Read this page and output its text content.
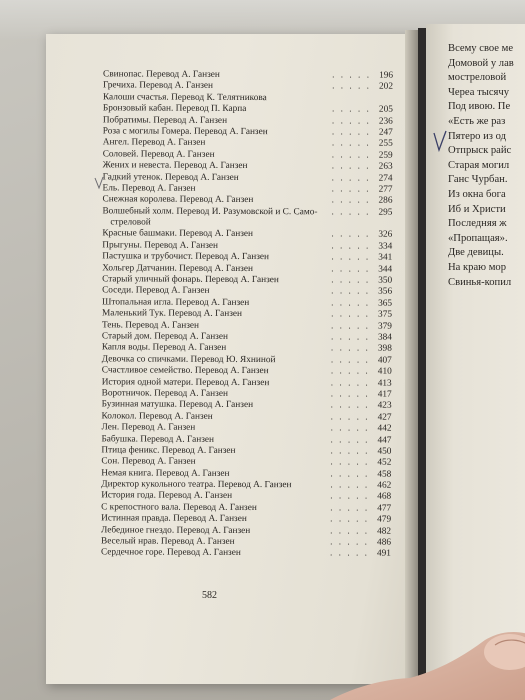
Свинопас. Перевод А. Ганзен	. . . . . 196
Гречиха. Перевод А. Ганзен	. . . . . 202
Калоши счастья. Перевод К. Телятникова
Бронзовый кабан. Перевод П. Карпа	. . . . . 205
Побратимы. Перевод А. Ганзен	. . . . . 236
Роза с могилы Гомера. Перевод А. Ганзен	. . . . . 247
Ангел. Перевод А. Ганзен	. . . . . 255
Соловей. Перевод А. Ганзен	. . . . . 259
Жених и невеста. Перевод А. Ганзен	. . . . . 263
Гадкий утенок. Перевод А. Ганзен	. . . . . 274
Ель. Перевод А. Ганзен	. . . . . 277
Снежная королева. Перевод А. Ганзен	. . . . . 286
Волшебный холм. Перевод И. Разумовской и С. Само- . . . . . 295
стреловой
Красные башмаки. Перевод А. Ганзен	. . . . . 326
Прыгуны. Перевод А. Ганзен	. . . . . 334
Пастушка и трубочист. Перевод А. Ганзен	. . . . . 341
Хольгер Датчанин. Перевод А. Ганзен	. . . . . 344
Старый уличный фонарь. Перевод А. Ганзен	. . . . . 350
Соседи. Перевод А. Ганзен	. . . . . 356
Штопальная игла. Перевод А. Ганзен	. . . . . 365
Маленький Тук. Перевод А. Ганзен	. . . . . 375
Тень. Перевод А. Ганзен	. . . . . 379
Старый дом. Перевод А. Ганзен	. . . . . 384
Капля воды. Перевод А. Ганзен	. . . . . 398
Девочка со спичками. Перевод Ю. Яхниной	. . . . . 407
Счастливое семейство. Перевод А. Ганзен	. . . . . 410
История одной матери. Перевод А. Ганзен	. . . . . 413
Воротничок. Перевод А. Ганзен	. . . . . 417
Бузинная матушка. Перевод А. Ганзен	. . . . . 423
Колокол. Перевод А. Ганзен	. . . . . 427
Лен. Перевод А. Ганзен	. . . . . 442
Бабушка. Перевод А. Ганзен	. . . . . 447
Птица феникс. Перевод А. Ганзен	. . . . . 450
Сон. Перевод А. Ганзен	. . . . . 452
Немая книга. Перевод А. Ганзен	. . . . . 458
Директор кукольного театра. Перевод А. Ганзен	. . . . . 462
История года. Перевод А. Ганзен	. . . . . 468
С крепостного вала. Перевод А. Ганзен	. . . . . 477
Истинная правда. Перевод А. Ганзен	. . . . . 479
Лебединое гнездо. Перевод А. Ганзен	. . . . . 482
Веселый нрав. Перевод А. Ганзен	. . . . . 486
Сердечное горе. Перевод А. Ганзен	. . . . . 491
582
Всему свое ме
Домовой у лав
мостреловой
Череа тысячу
Под ивою. Пе
«Есть же раз
Пятеро из од
Отпрыск райс
Старая могил
Ганс Чурбан.
Из окна бога
Иб и Христи
Последняя ж
«Пропащая».
Две девицы.
На краю мор
Свинья-копил
